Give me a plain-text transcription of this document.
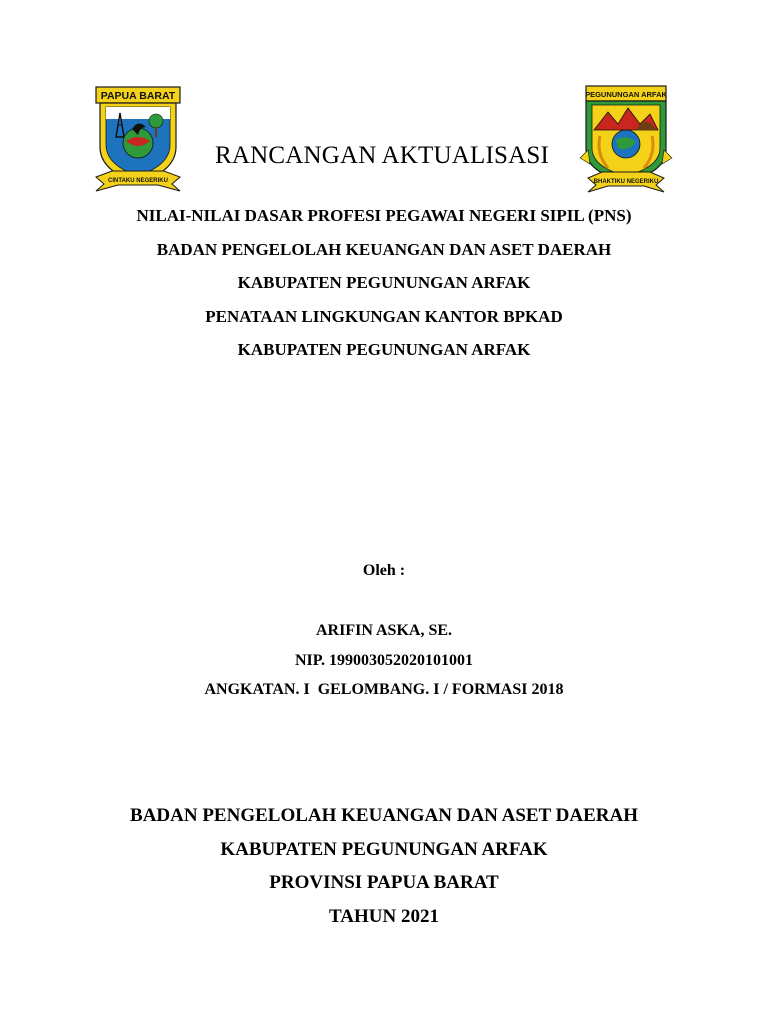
PAPUA BARAT
CINTAKU NEGERIKU
PEGUNUNGAN ARFAK
BHAKTIKU NEGERIKU
RANCANGAN AKTUALISASI
NILAI-NILAI DASAR PROFESI PEGAWAI NEGERI SIPIL (PNS)
BADAN PENGELOLAH KEUANGAN DAN ASET DAERAH
KABUPATEN PEGUNUNGAN ARFAK
PENATAAN LINGKUNGAN KANTOR BPKAD
KABUPATEN PEGUNUNGAN ARFAK
Oleh :
ARIFIN ASKA, SE.
NIP. 199003052020101001
ANGKATAN. I  GELOMBANG. I / FORMASI 2018
BADAN PENGELOLAH KEUANGAN DAN ASET DAERAH
KABUPATEN PEGUNUNGAN ARFAK
PROVINSI PAPUA BARAT
TAHUN 2021
